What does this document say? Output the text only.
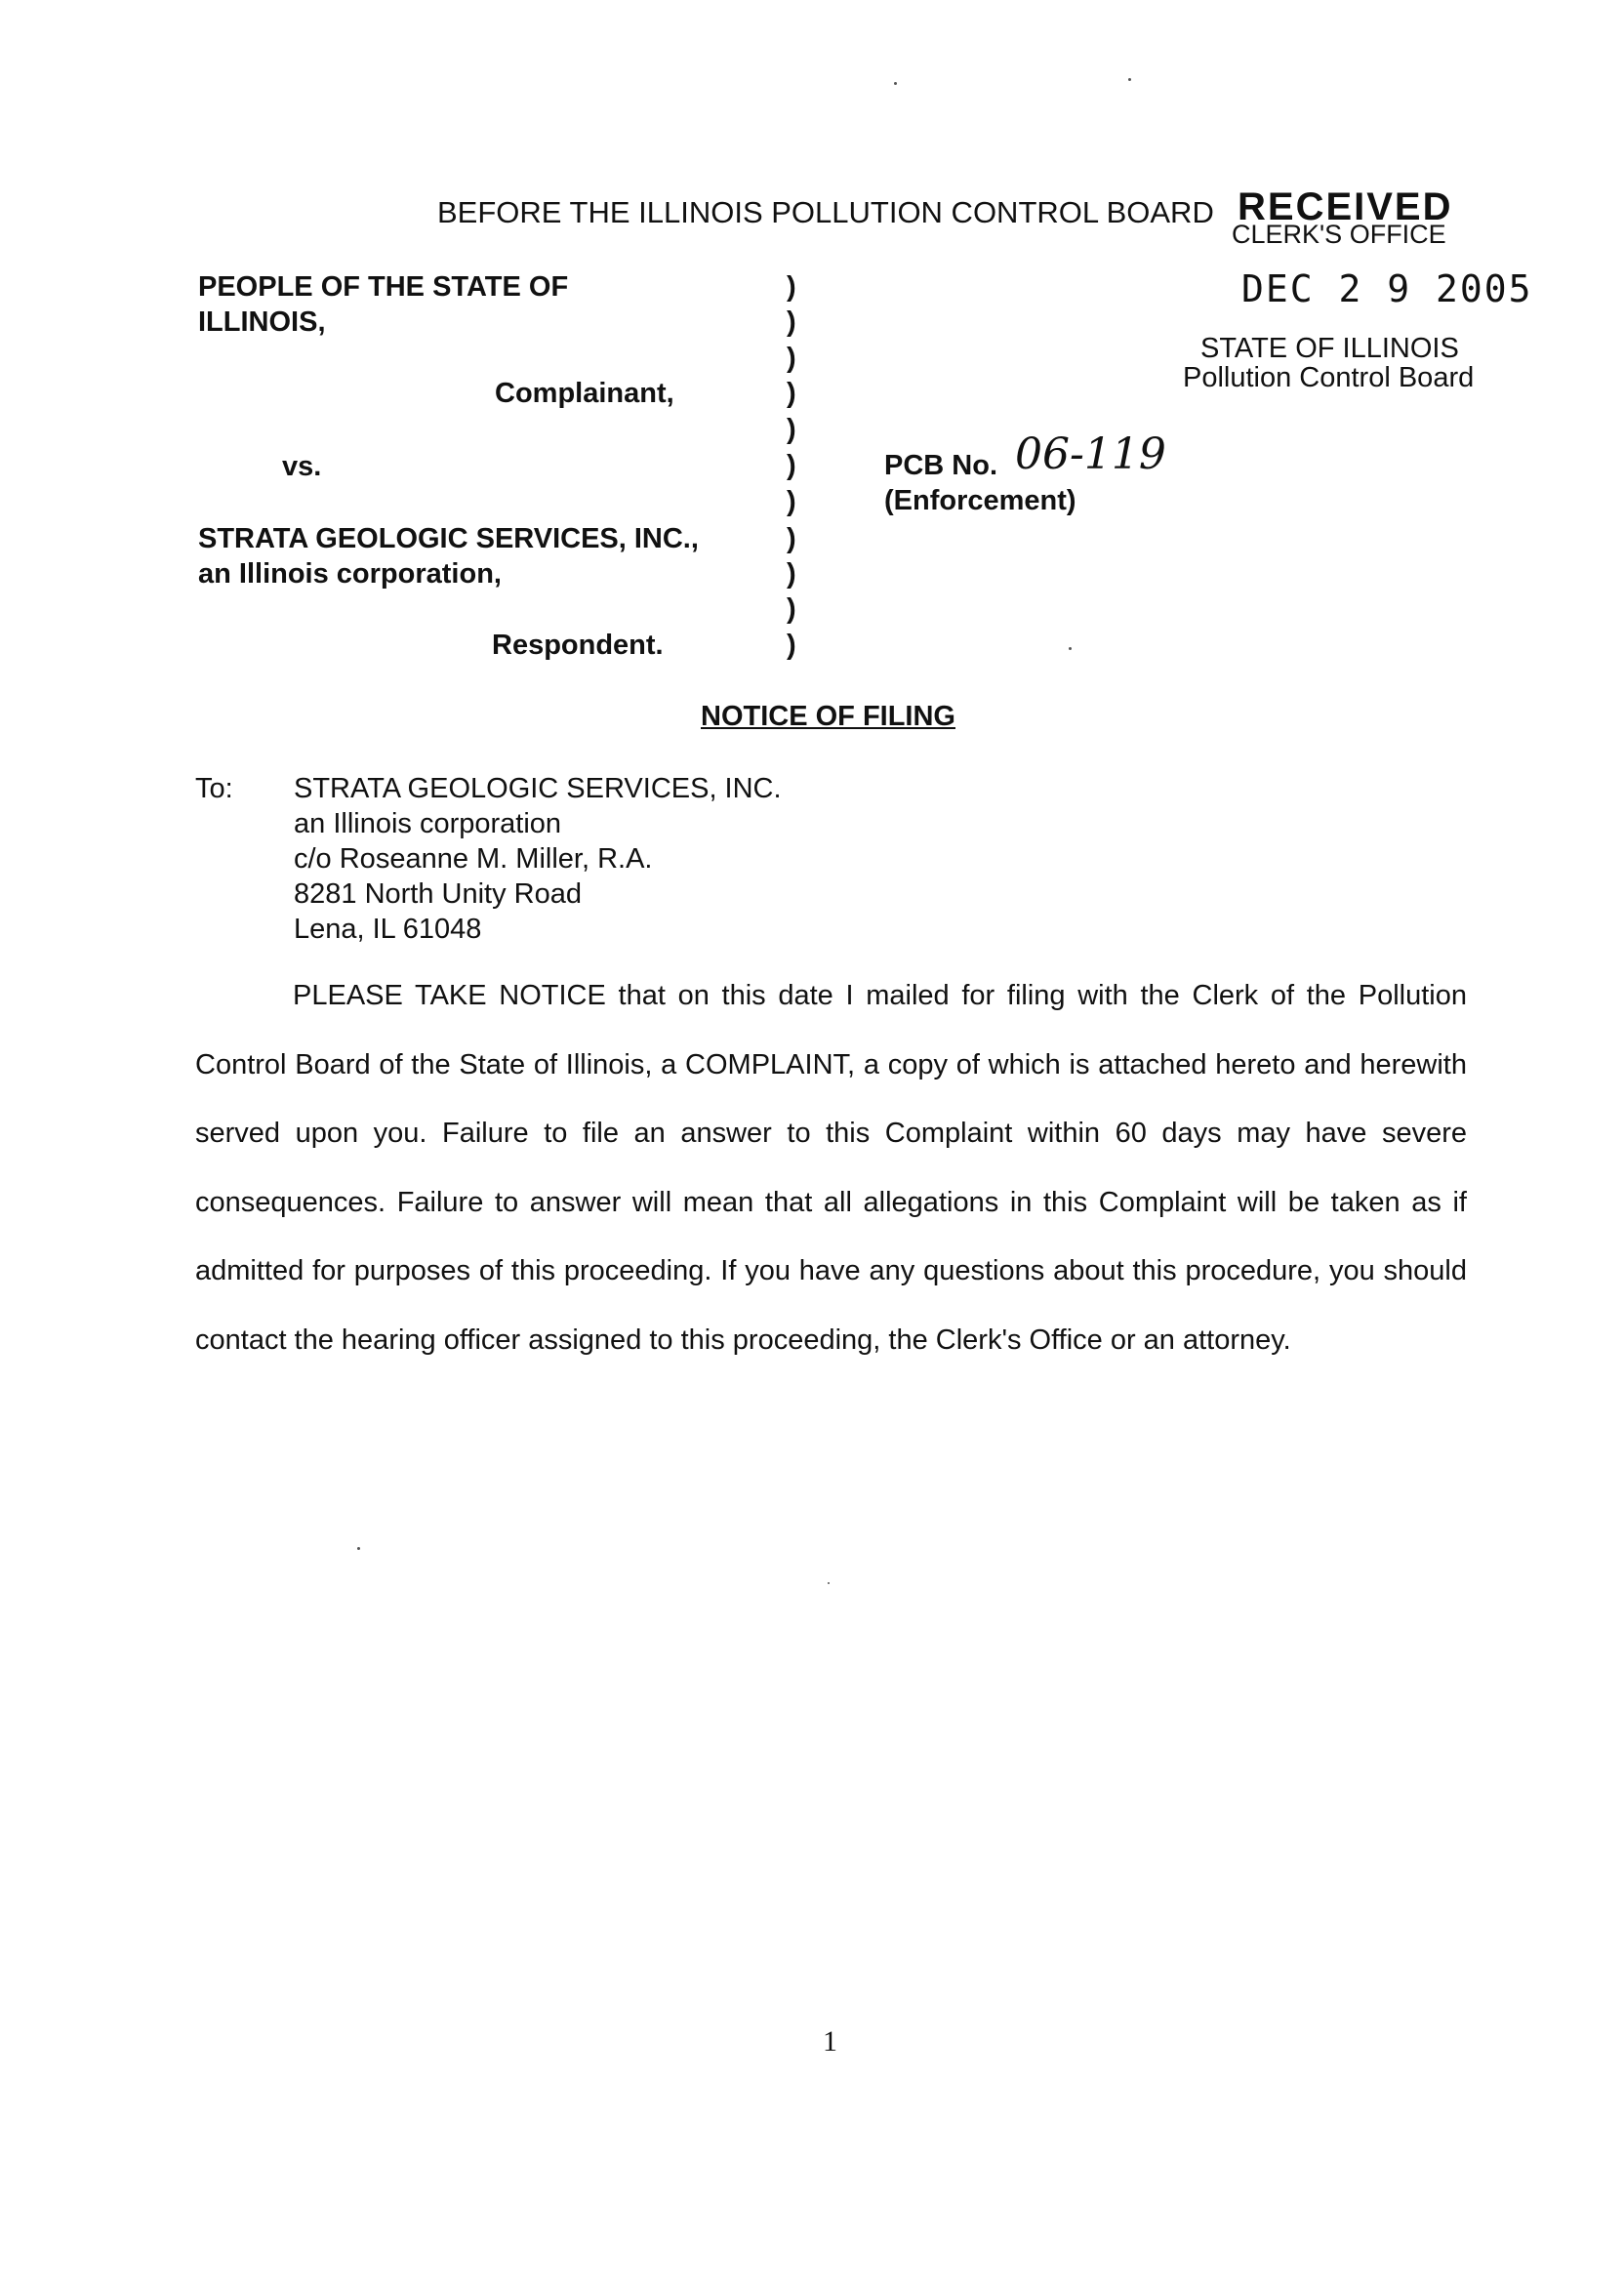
BEFORE THE ILLINOIS POLLUTION CONTROL BOARD RECEIVED
CLERK'S OFFICE
DEC 2 9 2005
STATE OF ILLINOIS
Pollution Control Board
PEOPLE OF THE STATE OF
ILLINOIS,
Complainant,
vs.
STRATA GEOLOGIC SERVICES, INC.,
an Illinois corporation,
Respondent.
)
)
)
)
)
)
)
)
)
)
)
PCB No. 06-119
(Enforcement)
NOTICE OF FILING
To: STRATA GEOLOGIC SERVICES, INC.
an Illinois corporation
c/o Roseanne M. Miller, R.A.
8281 North Unity Road
Lena, IL 61048

PLEASE TAKE NOTICE that on this date I mailed for filing with the Clerk of the Pollution Control Board of the State of Illinois, a COMPLAINT, a copy of which is attached hereto and herewith served upon you. Failure to file an answer to this Complaint within 60 days may have severe consequences. Failure to answer will mean that all allegations in this Complaint will be taken as if admitted for purposes of this proceeding. If you have any questions about this procedure, you should contact the hearing officer assigned to this proceeding, the Clerk's Office or an attorney.

1
